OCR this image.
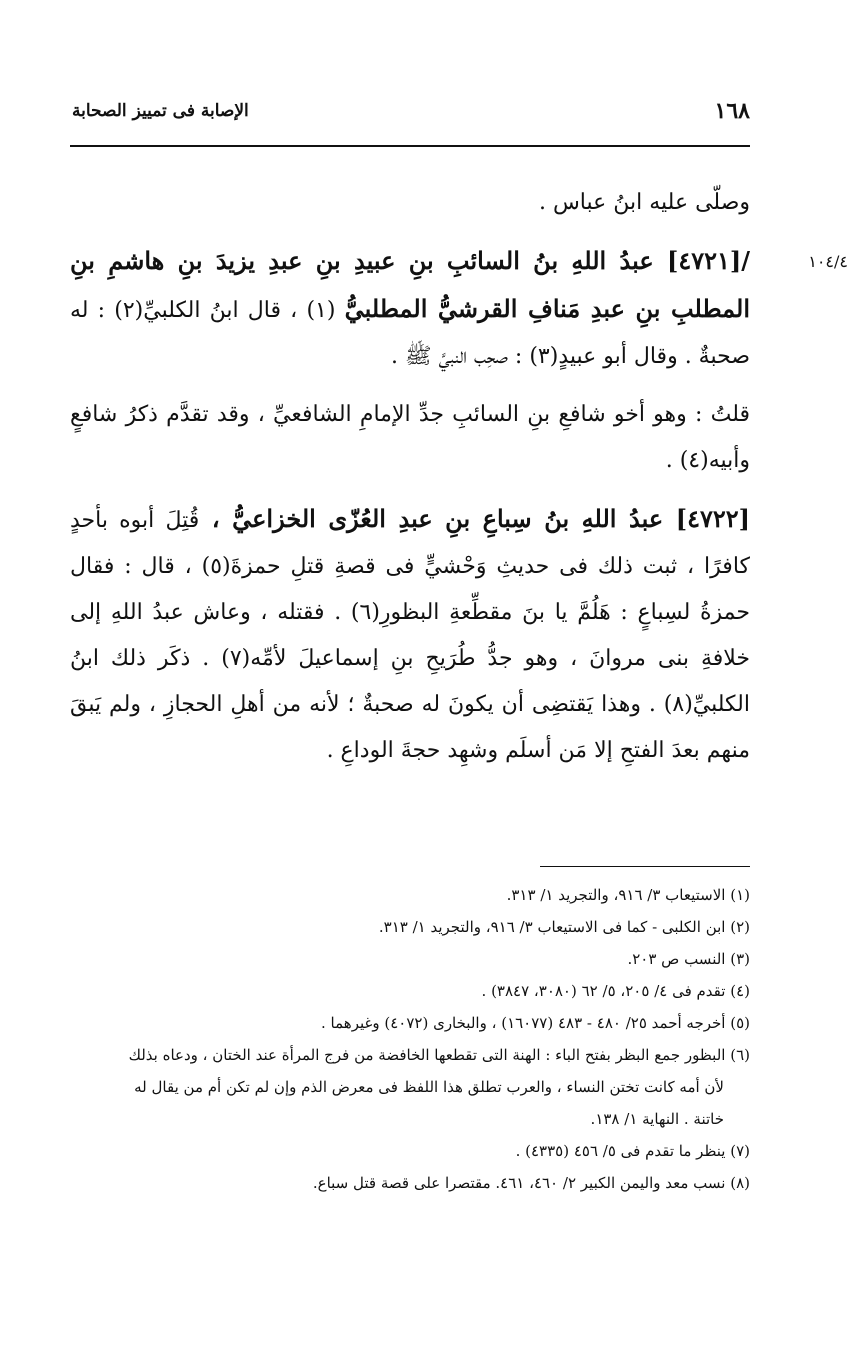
١٦٨
الإصابة فى تمييز الصحابة
١٠٤/٤

وصلّى عليه ابنُ عباس .

/[٤٧٢١] عبدُ اللهِ بنُ السائبِ بنِ عبيدِ بنِ عبدِ يزيدَ بنِ هاشمِ بنِ المطلبِ بنِ عبدِ مَنافِ القرشيُّ المطلبيُّ (١) ، قال ابنُ الكلبيِّ(٢) : له صحبةٌ . وقال أبو عبيدٍ(٣) : صحِب النبيَّ ﷺ .

قلتُ : وهو أخو شافعِ بنِ السائبِ جدِّ الإمامِ الشافعيِّ ، وقد تقدَّم ذكرُ شافعٍ وأبيه(٤) .

[٤٧٢٢] عبدُ اللهِ بنُ سِباعِ بنِ عبدِ العُزّى الخزاعيُّ ، قُتِلَ أبوه بأحدٍ كافرًا ، ثبت ذلك فى حديثِ وَحْشيٍّ فى قصةِ قتلِ حمزةَ(٥) ، قال : فقال حمزةُ لسِباعٍ : هَلُمَّ يا بنَ مقطِّعةِ البظورِ(٦) . فقتله ، وعاش عبدُ اللهِ إلى خلافةِ بنى مروانَ ، وهو جدُّ طُرَيحِ بنِ إسماعيلَ لأمِّه(٧) . ذكَر ذلك ابنُ الكلبيِّ(٨) . وهذا يَقتضِى أن يكونَ له صحبةٌ ؛ لأنه من أهلِ الحجازِ ، ولم يَبقَ منهم بعدَ الفتحِ إلا مَن أسلَم وشهِد حجةَ الوداعِ .

(١) الاستيعاب ٣/ ٩١٦، والتجريد ١/ ٣١٣.

(٢) ابن الكلبى - كما فى الاستيعاب ٣/ ٩١٦، والتجريد ١/ ٣١٣.

(٣) النسب ص ٢٠٣.

(٤) تقدم فى ٤/ ٢٠٥، ٥/ ٦٢ (٣٠٨٠، ٣٨٤٧) .

(٥) أخرجه أحمد ٢٥/ ٤٨٠ - ٤٨٣ (١٦٠٧٧) ، والبخارى (٤٠٧٢) وغيرهما .

(٦) البظور جمع البظر بفتح الباء : الهنة التى تقطعها الخافضة من فرج المرأة عند الختان ، ودعاه بذلك

لأن أمه كانت تختن النساء ، والعرب تطلق هذا اللفظ فى معرض الذم وإن لم تكن أم من يقال له

خاتنة . النهاية ١/ ١٣٨.

(٧) ينظر ما تقدم فى ٥/ ٤٥٦ (٤٣٣٥) .

(٨) نسب معد واليمن الكبير ٢/ ٤٦٠، ٤٦١. مقتصرا على قصة قتل سباع.
